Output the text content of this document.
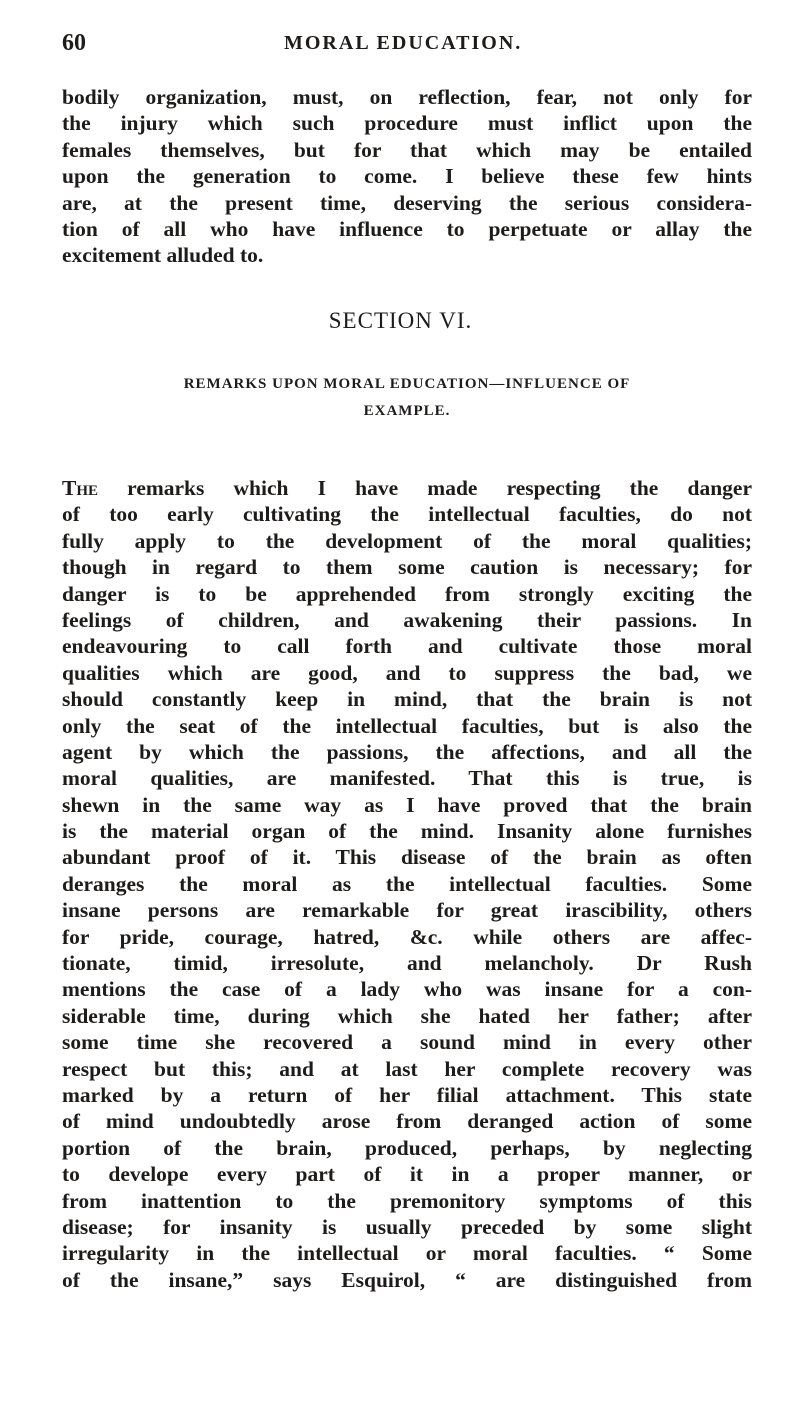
60	MORAL EDUCATION.
bodily organization, must, on reflection, fear, not only for
the injury which such procedure must inflict upon the
females themselves, but for that which may be entailed
upon the generation to come. I believe these few hints
are, at the present time, deserving the serious considera-
tion of all who have influence to perpetuate or allay the
excitement alluded to.
SECTION VI.
REMARKS UPON MORAL EDUCATION—INFLUENCE OF
EXAMPLE.
The remarks which I have made respecting the danger
of too early cultivating the intellectual faculties, do not
fully apply to the development of the moral qualities;
though in regard to them some caution is necessary; for
danger is to be apprehended from strongly exciting the
feelings of children, and awakening their passions. In
endeavouring to call forth and cultivate those moral
qualities which are good, and to suppress the bad, we
should constantly keep in mind, that the brain is not
only the seat of the intellectual faculties, but is also the
agent by which the passions, the affections, and all the
moral qualities, are manifested. That this is true, is
shewn in the same way as I have proved that the brain
is the material organ of the mind. Insanity alone furnishes
abundant proof of it. This disease of the brain as often
deranges the moral as the intellectual faculties. Some
insane persons are remarkable for great irascibility, others
for pride, courage, hatred, &c. while others are affec-
tionate, timid, irresolute, and melancholy. Dr Rush
mentions the case of a lady who was insane for a con-
siderable time, during which she hated her father; after
some time she recovered a sound mind in every other
respect but this; and at last her complete recovery was
marked by a return of her filial attachment. This state
of mind undoubtedly arose from deranged action of some
portion of the brain, produced, perhaps, by neglecting
to develope every part of it in a proper manner, or
from inattention to the premonitory symptoms of this
disease; for insanity is usually preceded by some slight
irregularity in the intellectual or moral faculties. “ Some
of the insane,” says Esquirol, “ are distinguished from
